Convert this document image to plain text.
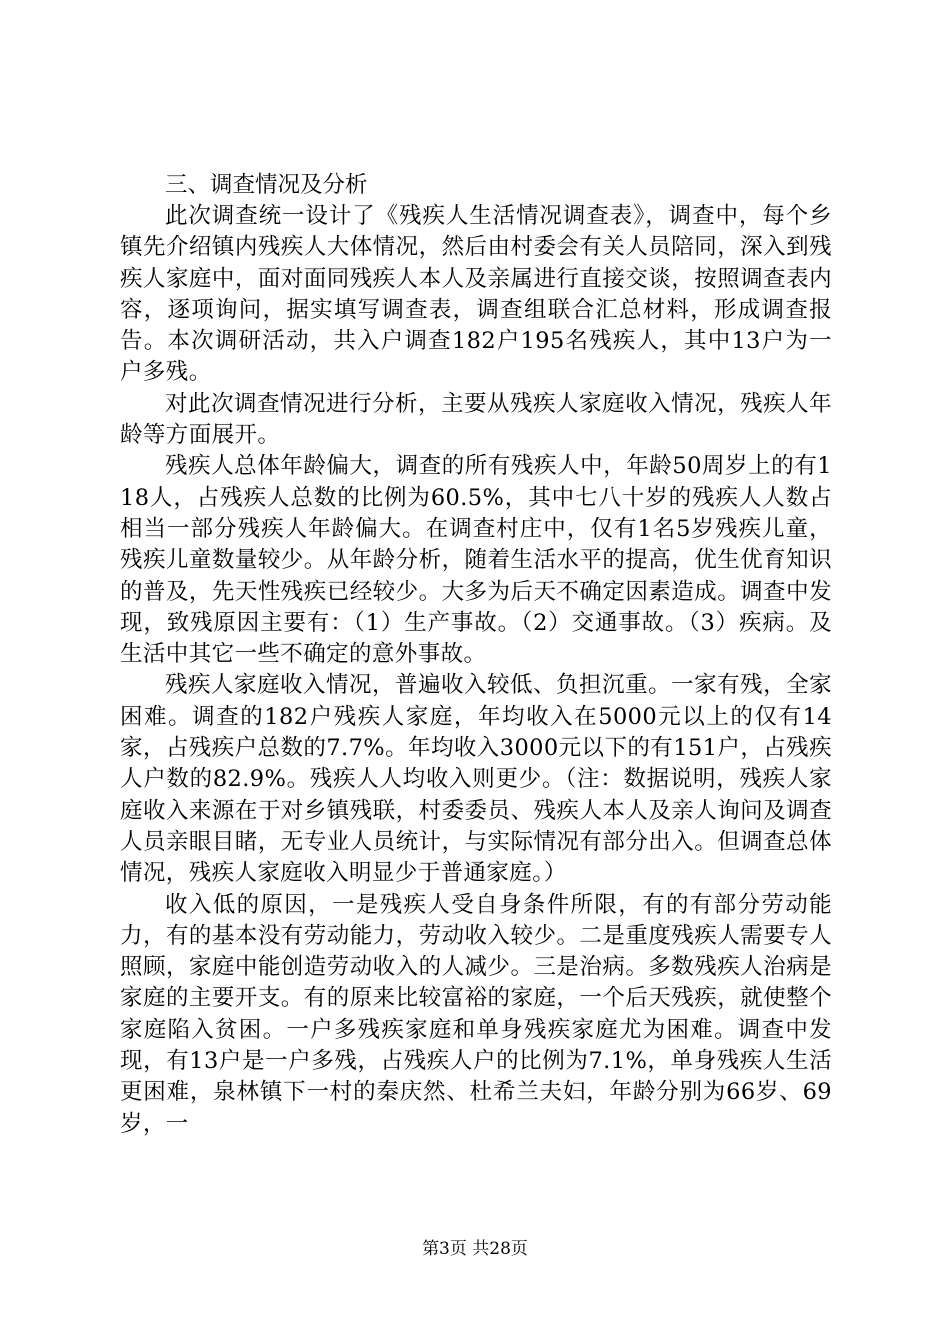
三、调查情况及分析

此次调查统一设计了《残疾人生活情况调查表》，调查中，每个乡镇先介绍镇内残疾人大体情况，然后由村委会有关人员陪同，深入到残疾人家庭中，面对面同残疾人本人及亲属进行直接交谈，按照调查表内容，逐项询问，据实填写调查表，调查组联合汇总材料，形成调查报告。本次调研活动，共入户调查182户195名残疾人，其中13户为一户多残。

对此次调查情况进行分析，主要从残疾人家庭收入情况，残疾人年龄等方面展开。

残疾人总体年龄偏大，调查的所有残疾人中，年龄50周岁上的有118人，占残疾人总数的比例为60.5%，其中七八十岁的残疾人人数占相当一部分残疾人年龄偏大。在调查村庄中，仅有1名5岁残疾儿童，残疾儿童数量较少。从年龄分析，随着生活水平的提高，优生优育知识的普及，先天性残疾已经较少。大多为后天不确定因素造成。调查中发现，致残原因主要有：（1）生产事故。（2）交通事故。（3）疾病。及生活中其它一些不确定的意外事故。

残疾人家庭收入情况，普遍收入较低、负担沉重。一家有残，全家困难。调查的182户残疾人家庭，年均收入在5000元以上的仅有14家，占残疾户总数的7.7%。年均收入3000元以下的有151户，占残疾人户数的82.9%。残疾人人均收入则更少。（注：数据说明，残疾人家庭收入来源在于对乡镇残联，村委委员、残疾人本人及亲人询问及调查人员亲眼目睹，无专业人员统计，与实际情况有部分出入。但调查总体情况，残疾人家庭收入明显少于普通家庭。）

收入低的原因，一是残疾人受自身条件所限，有的有部分劳动能力，有的基本没有劳动能力，劳动收入较少。二是重度残疾人需要专人照顾，家庭中能创造劳动收入的人减少。三是治病。多数残疾人治病是家庭的主要开支。有的原来比较富裕的家庭，一个后天残疾，就使整个家庭陷入贫困。一户多残疾家庭和单身残疾家庭尤为困难。调查中发现，有13户是一户多残，占残疾人户的比例为7.1%，单身残疾人生活更困难，泉林镇下一村的秦庆然、杜希兰夫妇，年龄分别为66岁、69岁，一

第3页 共28页
